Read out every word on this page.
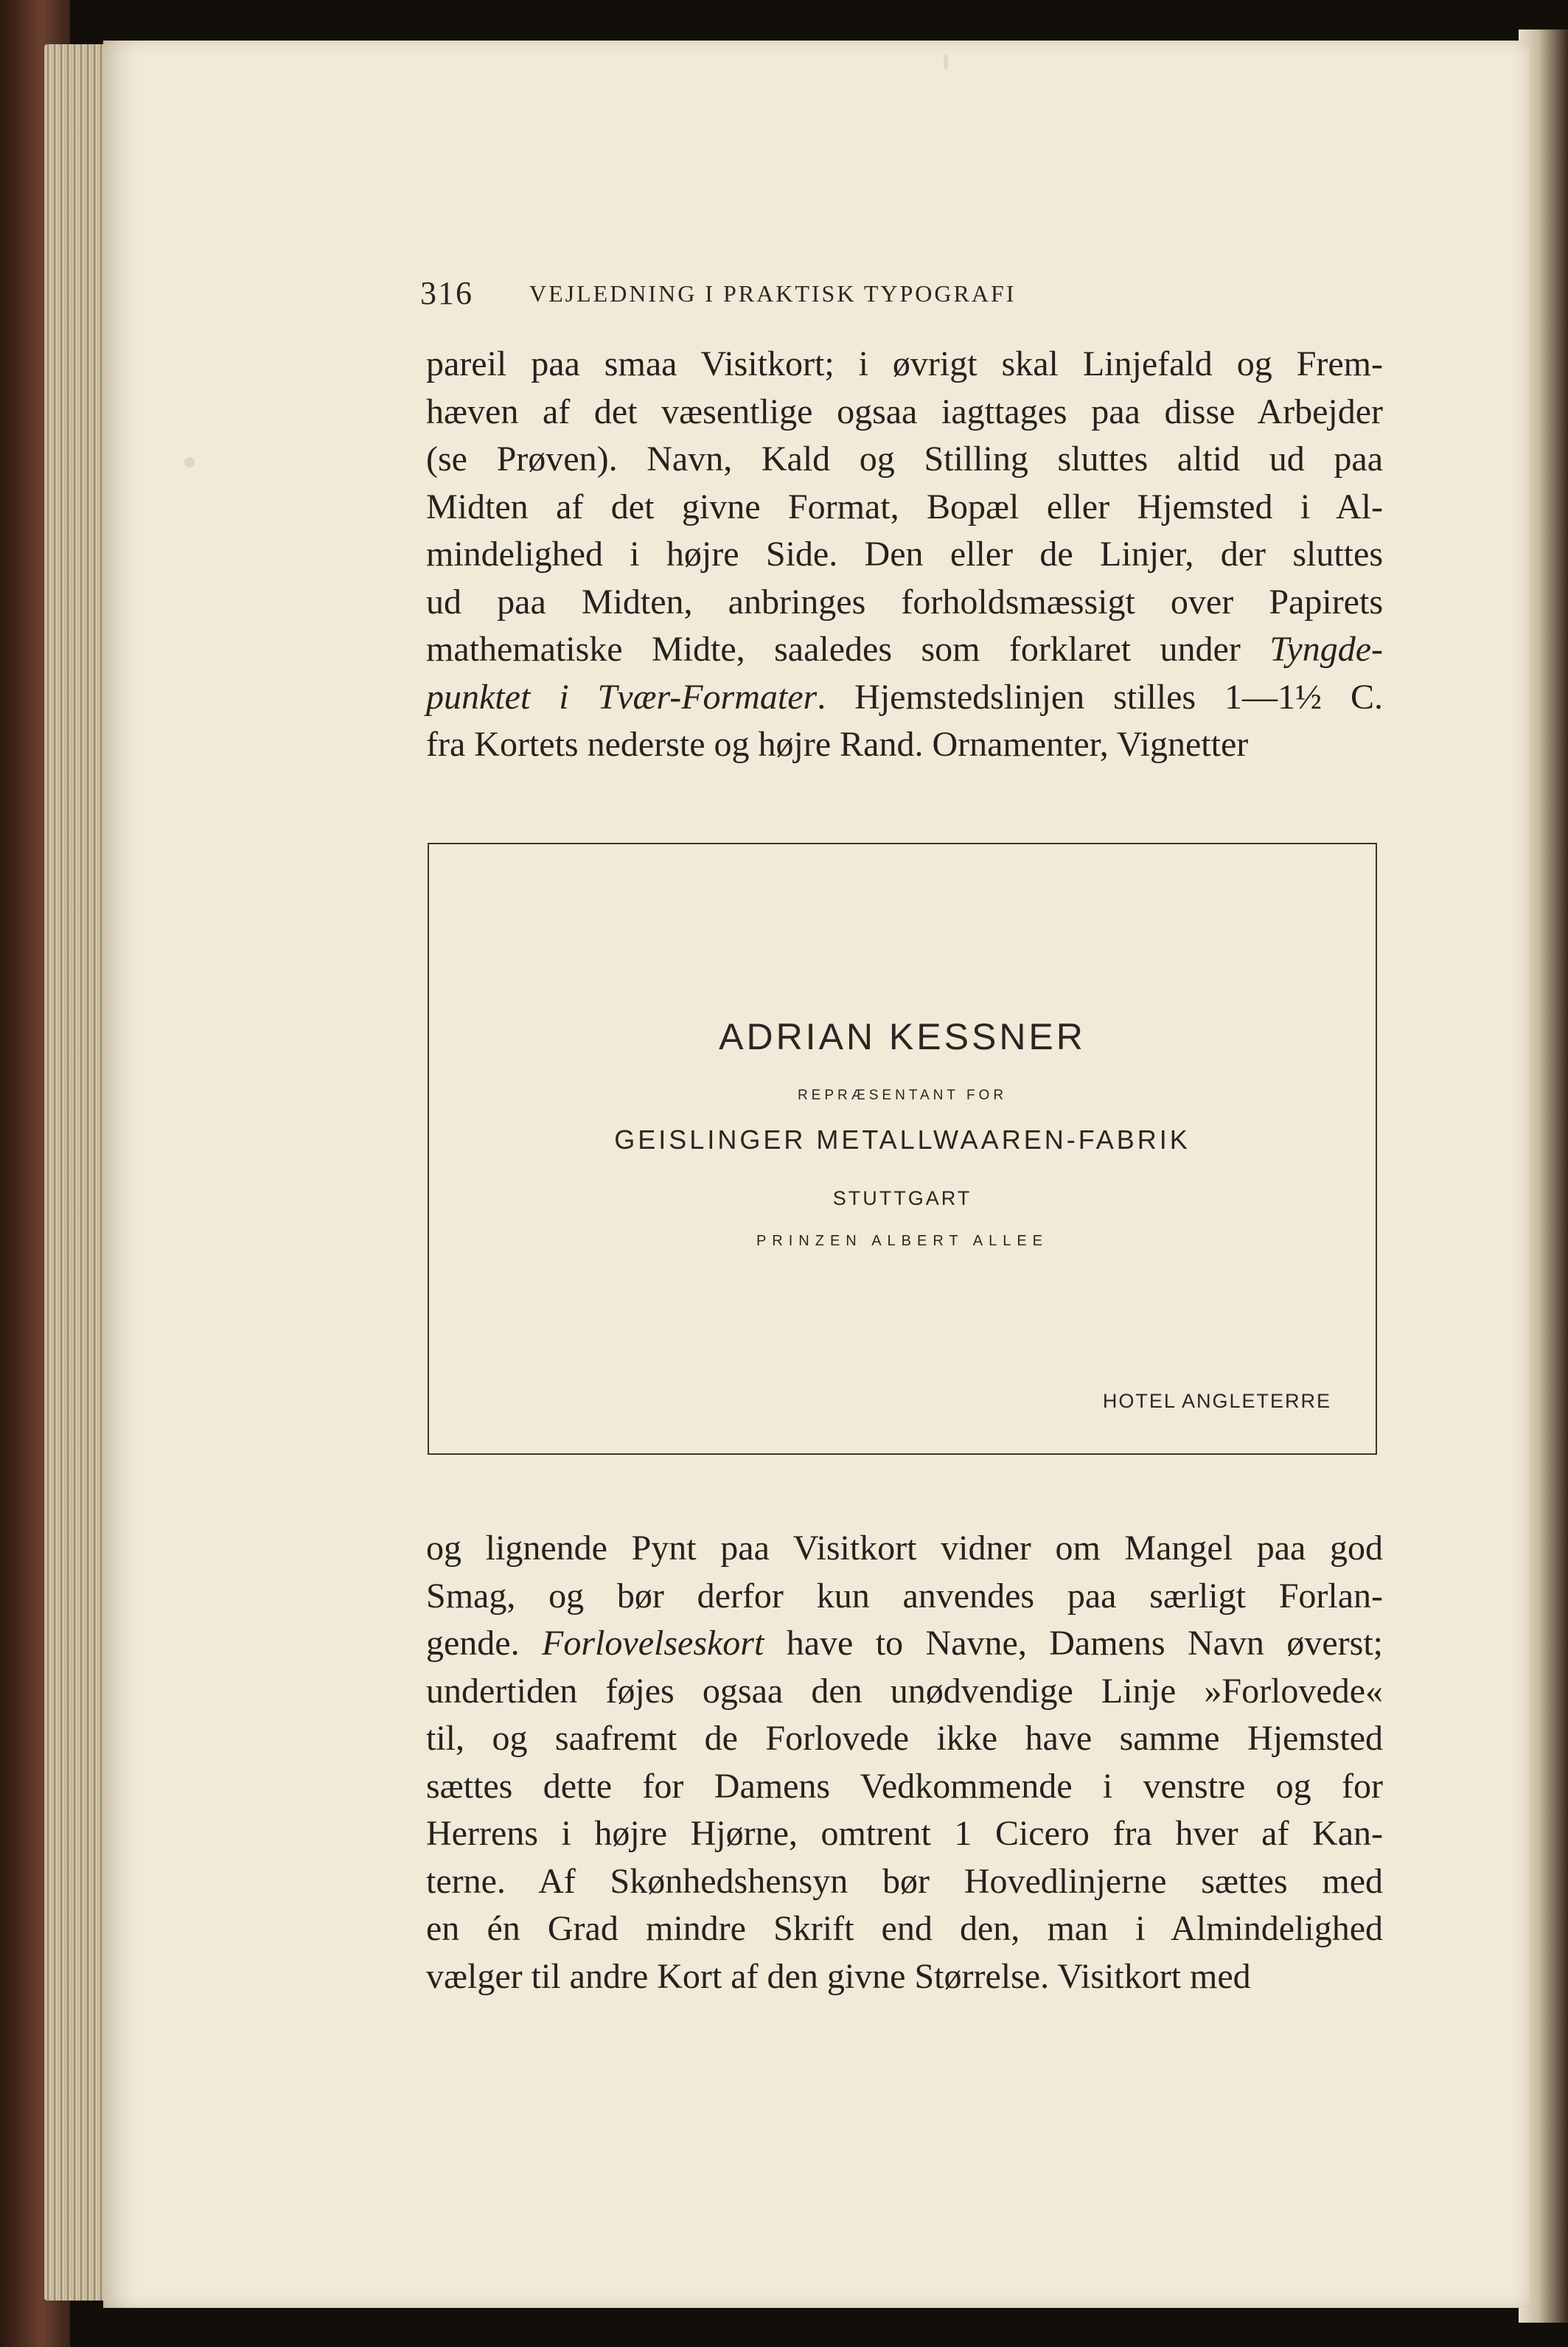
316 VEJLEDNING I PRAKTISK TYPOGRAFI
pareil paa smaa Visitkort; i øvrigt skal Linjefald og Frem-
hæven af det væsentlige ogsaa iagttages paa disse Arbejder
(se Prøven). Navn, Kald og Stilling sluttes altid ud paa
Midten af det givne Format, Bopæl eller Hjemsted i Al-
mindelighed i højre Side. Den eller de Linjer, der sluttes
ud paa Midten, anbringes forholdsmæssigt over Papirets
mathematiske Midte, saaledes som forklaret under Tyngde-
punktet i Tvær-Formater. Hjemstedslinjen stilles 1—1½ C.
fra Kortets nederste og højre Rand. Ornamenter, Vignetter
ADRIAN KESSNER
REPRÆSENTANT FOR
GEISLINGER METALLWAAREN-FABRIK
STUTTGART
PRINZEN ALBERT ALLEE
HOTEL ANGLETERRE
og lignende Pynt paa Visitkort vidner om Mangel paa god
Smag, og bør derfor kun anvendes paa særligt Forlan-
gende. Forlovelseskort have to Navne, Damens Navn øverst;
undertiden føjes ogsaa den unødvendige Linje »Forlovede«
til, og saafremt de Forlovede ikke have samme Hjemsted
sættes dette for Damens Vedkommende i venstre og for
Herrens i højre Hjørne, omtrent 1 Cicero fra hver af Kan-
terne. Af Skønhedshensyn bør Hovedlinjerne sættes med
en én Grad mindre Skrift end den, man i Almindelighed
vælger til andre Kort af den givne Størrelse. Visitkort med
